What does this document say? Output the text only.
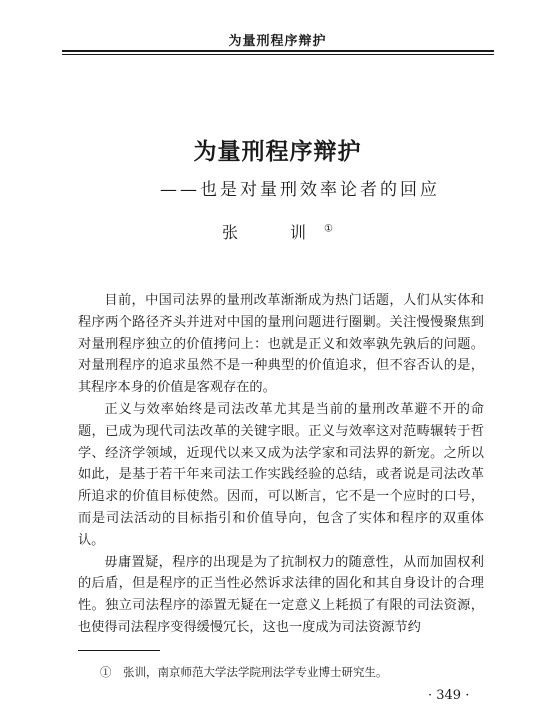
为量刑程序辩护
为量刑程序辩护
——也是对量刑效率论者的回应
张　训①

目前，中国司法界的量刑改革渐渐成为热门话题，人们从实体和程序两个路径齐头并进对中国的量刑问题进行圈剿。关注慢慢聚焦到对量刑程序独立的价值拷问上：也就是正义和效率孰先孰后的问题。对量刑程序的追求虽然不是一种典型的价值追求，但不容否认的是，其程序本身的价值是客观存在的。

正义与效率始终是司法改革尤其是当前的量刑改革避不开的命题，已成为现代司法改革的关键字眼。正义与效率这对范畴辗转于哲学、经济学领域，近现代以来又成为法学家和司法界的新宠。之所以如此，是基于若干年来司法工作实践经验的总结，或者说是司法改革所追求的价值目标使然。因而，可以断言，它不是一个应时的口号，而是司法活动的目标指引和价值导向，包含了实体和程序的双重体认。

毋庸置疑，程序的出现是为了抗制权力的随意性，从而加固权利的后盾，但是程序的正当性必然诉求法律的固化和其自身设计的合理性。独立司法程序的添置无疑在一定意义上耗损了有限的司法资源，也使得司法程序变得缓慢冗长，这也一度成为司法资源节约

①　张训，南京师范大学法学院刑法学专业博士研究生。
· 349 ·
